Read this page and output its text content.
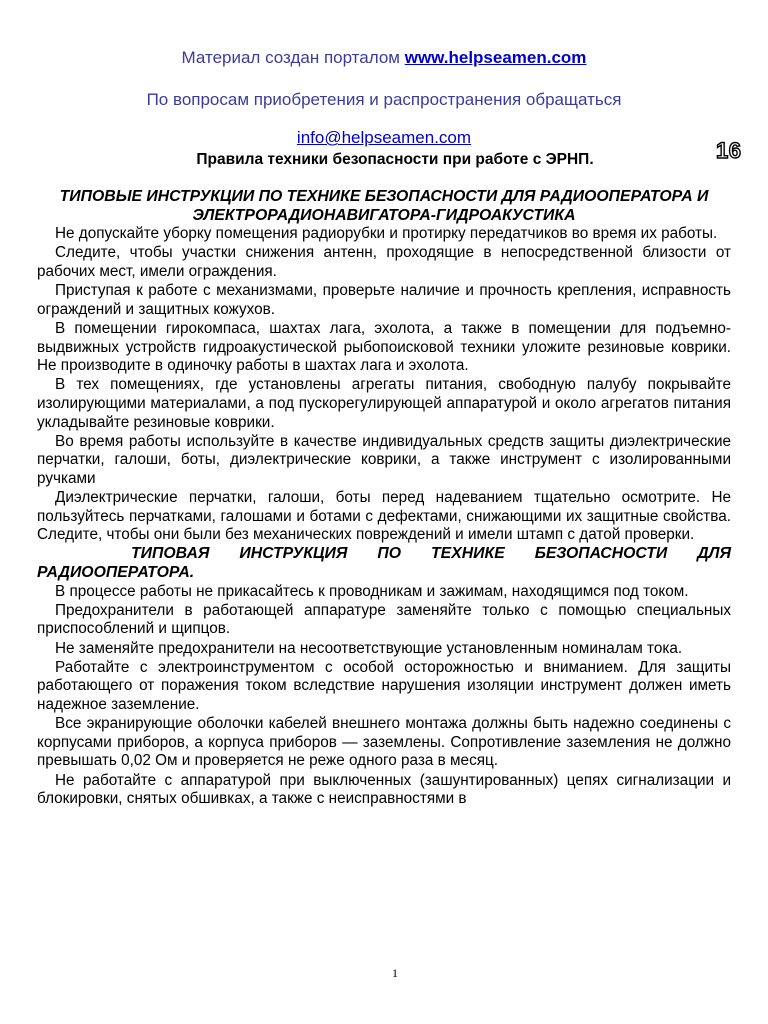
Материал создан порталом www.helpseamen.com
По вопросам приобретения и распространения обращаться
info@helpseamen.com
Правила техники безопасности при работе с ЭРНП.	16
ТИПОВЫЕ ИНСТРУКЦИИ ПО ТЕХНИКЕ БЕЗОПАСНОСТИ ДЛЯ РАДИООПЕРАТОРА И ЭЛЕКТРОРАДИОНАВИГАТОРА-ГИДРОАКУСТИКА

Не допускайте уборку помещения радиорубки и протирку передатчиков во время их работы.

Следите, чтобы участки снижения антенн, проходящие в непосредственной близости от рабочих мест, имели ограждения.

Приступая к работе с механизмами, проверьте наличие и прочность крепления, исправность ограждений и защитных кожухов.

В помещении гирокомпаса, шахтах лага, эхолота, а также в помещении для подъемно-выдвижных устройств гидроакустической рыбопоисковой техники уложите резиновые коврики. Не производите в одиночку работы в шахтах лага и эхолота.

В тех помещениях, где установлены агрегаты питания, свободную палубу покрывайте изолирующими материалами, а под пускорегулирующей аппаратурой и около агрегатов питания укладывайте резиновые коврики.

Во время работы используйте в качестве индивидуальных средств защиты диэлектрические перчатки, галоши, боты, диэлектрические коврики, а также инструмент с изолированными ручками

Диэлектрические перчатки, галоши, боты перед надеванием тщательно осмотрите. Не пользуйтесь перчатками, галошами и ботами с дефектами, снижающими их защитные свойства. Следите, чтобы они были без механических повреждений и имели штамп с датой проверки.

ТИПОВАЯ ИНСТРУКЦИЯ ПО ТЕХНИКЕ БЕЗОПАСНОСТИ ДЛЯ РАДИООПЕРАТОРА.

В процессе работы не прикасайтесь к проводникам и зажимам, находящимся под током.

Предохранители в работающей аппаратуре заменяйте только с помощью специальных приспособлений и щипцов.

Не заменяйте предохранители на несоответствующие установленным номиналам тока.

Работайте с электроинструментом с особой осторожностью и вниманием. Для защиты работающего от поражения током вследствие нарушения изоляции инструмент должен иметь надежное заземление.

Все экранирующие оболочки кабелей внешнего монтажа должны быть надежно соединены с корпусами приборов, а корпуса приборов — заземлены. Сопротивление заземления не должно превышать 0,02 Ом и проверяется не реже одного раза в месяц.

Не работайте с аппаратурой при выключенных (зашунтированных) цепях сигнализации и блокировки, снятых обшивках, а также с неисправностями в

1
